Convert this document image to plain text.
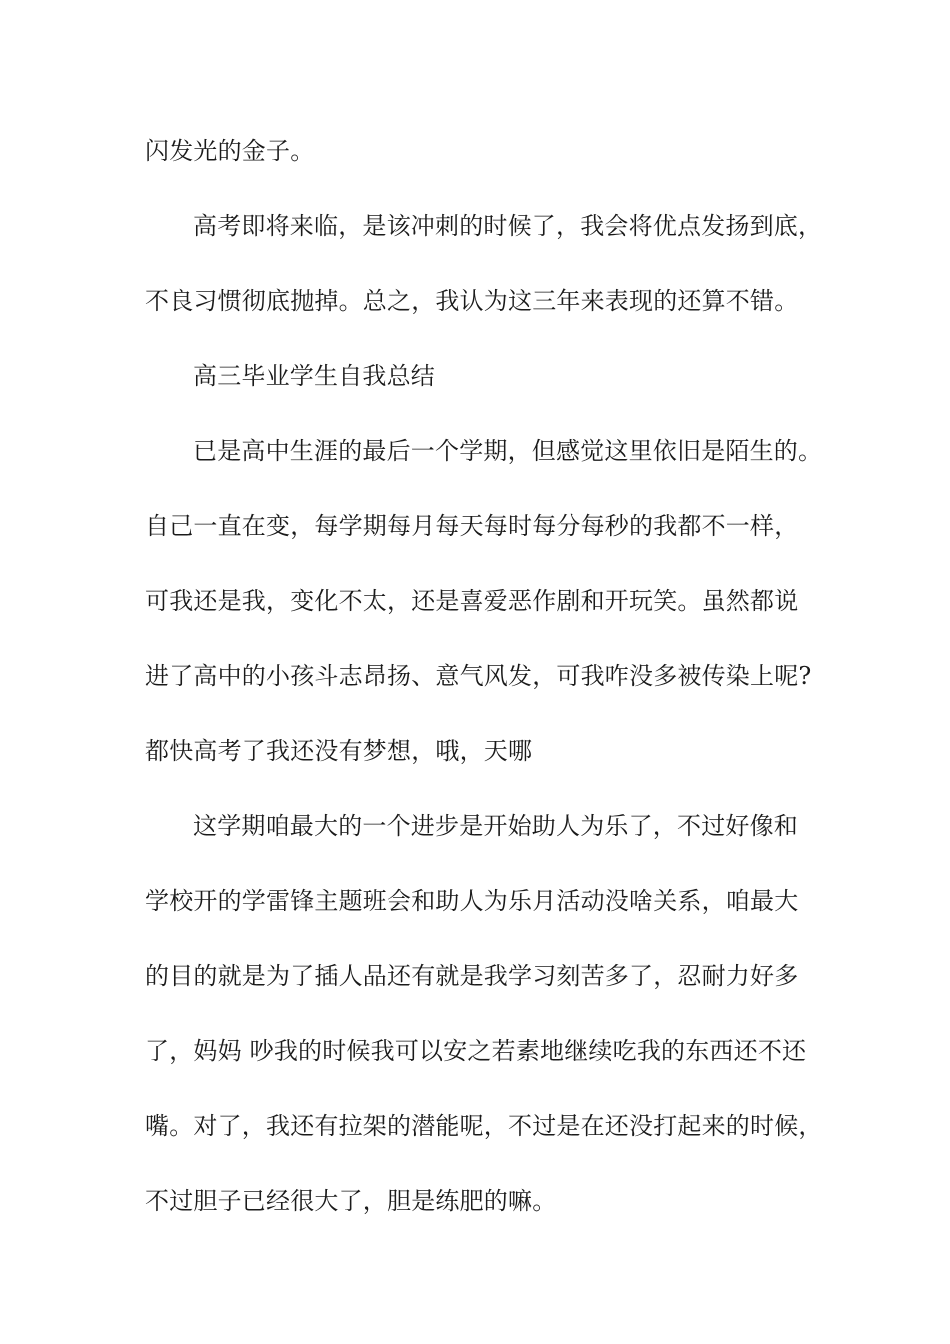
闪发光的金子。
高考即将来临，是该冲刺的时候了，我会将优点发扬到底，
不良习惯彻底抛掉。总之，我认为这三年来表现的还算不错。
高三毕业学生自我总结
已是高中生涯的最后一个学期，但感觉这里依旧是陌生的。
自己一直在变，每学期每月每天每时每分每秒的我都不一样，
可我还是我，变化不太，还是喜爱恶作剧和开玩笑。虽然都说
进了高中的小孩斗志昂扬、意气风发，可我咋没多被传染上呢?
都快高考了我还没有梦想，哦，天哪
这学期咱最大的一个进步是开始助人为乐了，不过好像和
学校开的学雷锋主题班会和助人为乐月活动没啥关系，咱最大
的目的就是为了插人品还有就是我学习刻苦多了，忍耐力好多
了，妈妈 吵我的时候我可以安之若素地继续吃我的东西还不还
嘴。对了，我还有拉架的潜能呢，不过是在还没打起来的时候，
不过胆子已经很大了，胆是练肥的嘛。
